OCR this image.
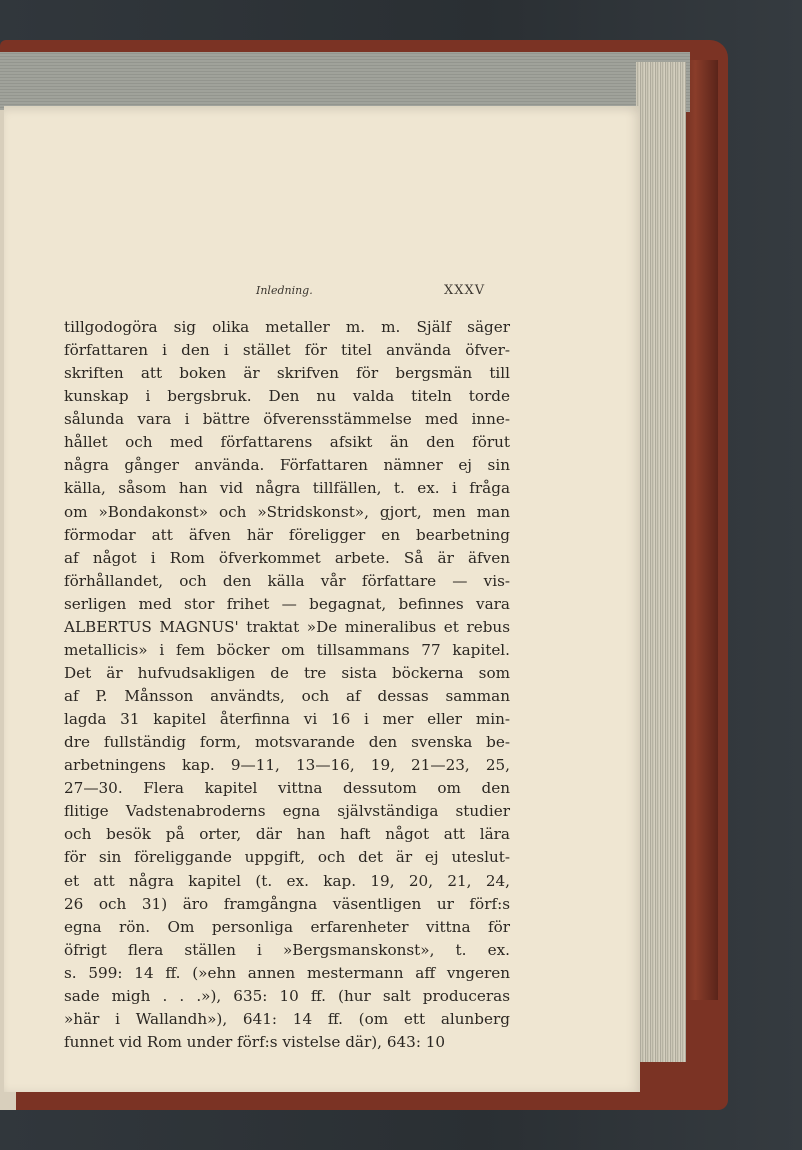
Inledning.	XXXV
tillgodogöra sig olika metaller m. m. Själf säger
författaren i den i stället för titel använda öfver-
skriften att boken är skrifven för bergsmän till
kunskap i bergsbruk. Den nu valda titeln torde
sålunda vara i bättre öfverensstämmelse med inne-
hållet och med författarens afsikt än den förut
några gånger använda. Författaren nämner ej sin
källa, såsom han vid några tillfällen, t. ex. i fråga
om »Bondakonst» och »Stridskonst», gjort, men man
förmodar att äfven här föreligger en bearbetning
af något i Rom öfverkommet arbete. Så är äfven
förhållandet, och den källa vår författare — vis-
serligen med stor frihet — begagnat, befinnes vara
ALBERTUS MAGNUS' traktat »De mineralibus et rebus
metallicis» i fem böcker om tillsammans 77 kapitel.
Det är hufvudsakligen de tre sista böckerna som
af P. Månsson användts, och af dessas samman
lagda 31 kapitel återfinna vi 16 i mer eller min-
dre fullständig form, motsvarande den svenska be-
arbetningens kap. 9—11, 13—16, 19, 21—23, 25,
27—30. Flera kapitel vittna dessutom om den
flitige Vadstenabroderns egna självständiga studier
och besök på orter, där han haft något att lära
för sin föreliggande uppgift, och det är ej uteslut-
et att några kapitel (t. ex. kap. 19, 20, 21, 24,
26 och 31) äro framgångna väsentligen ur förf:s
egna rön. Om personliga erfarenheter vittna för
öfrigt flera ställen i »Bergsmanskonst», t. ex.
s. 599: 14 ff. (»ehn annen mestermann aff vngeren
sade migh . . .»), 635: 10 ff. (hur salt produceras
»här i Wallandh»), 641: 14 ff. (om ett alunberg
funnet vid Rom under förf:s vistelse där), 643: 10
